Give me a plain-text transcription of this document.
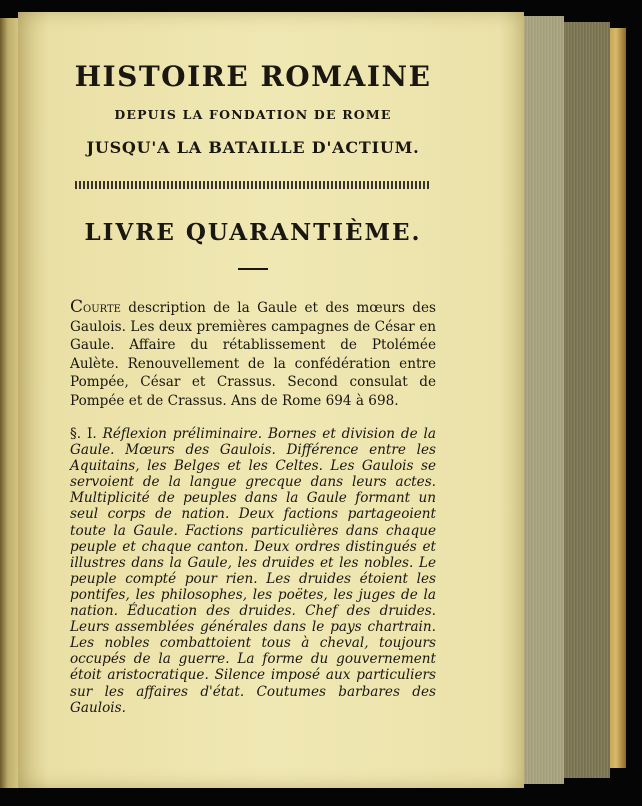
HISTOIRE ROMAINE
DEPUIS LA FONDATION DE ROME
JUSQU'A LA BATAILLE D'ACTIUM.
LIVRE QUARANTIÈME.

Courte description de la Gaule et des mœurs des Gaulois. Les deux premières campagnes de César en Gaule. Affaire du rétablissement de Ptolémée Aulète. Renouvellement de la confédération entre Pompée, César et Crassus. Second consulat de Pompée et de Crassus. Ans de Rome 694 à 698.

§. I. Réflexion préliminaire. Bornes et division de la Gaule. Mœurs des Gaulois. Différence entre les Aquitains, les Belges et les Celtes. Les Gaulois se servoient de la langue grecque dans leurs actes. Multiplicité de peuples dans la Gaule formant un seul corps de nation. Deux factions partageoient toute la Gaule. Factions particulières dans chaque peuple et chaque canton. Deux ordres distingués et illustres dans la Gaule, les druides et les nobles. Le peuple compté pour rien. Les druides étoient les pontifes, les philosophes, les poëtes, les juges de la nation. Éducation des druides. Chef des druides. Leurs assemblées générales dans le pays chartrain. Les nobles combattoient tous à cheval, toujours occupés de la guerre. La forme du gouvernement étoit aristocratique. Silence imposé aux particuliers sur les affaires d'état. Coutumes barbares des Gaulois.
